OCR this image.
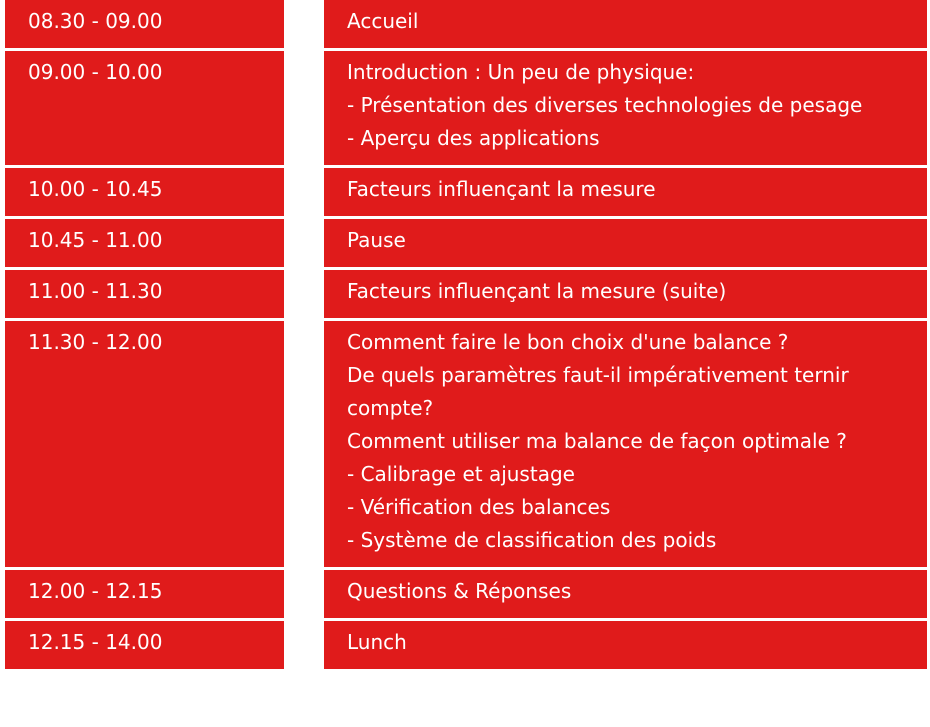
08.30 - 09.00	Accueil
09.00 - 10.00	Introduction : Un peu de physique:
- Présentation des diverses technologies de pesage
- Aperçu des applications
10.00 - 10.45	Facteurs influençant la mesure
10.45 - 11.00	Pause
11.00 - 11.30	Facteurs influençant la mesure (suite)
11.30 - 12.00	Comment faire le bon choix d'une balance ?
De quels paramètres faut-il impérativement ternir
compte?
Comment utiliser ma balance de façon optimale ?
- Calibrage et ajustage
- Vérification des balances
- Système de classification des poids
12.00 - 12.15	Questions & Réponses
12.15 - 14.00	Lunch
